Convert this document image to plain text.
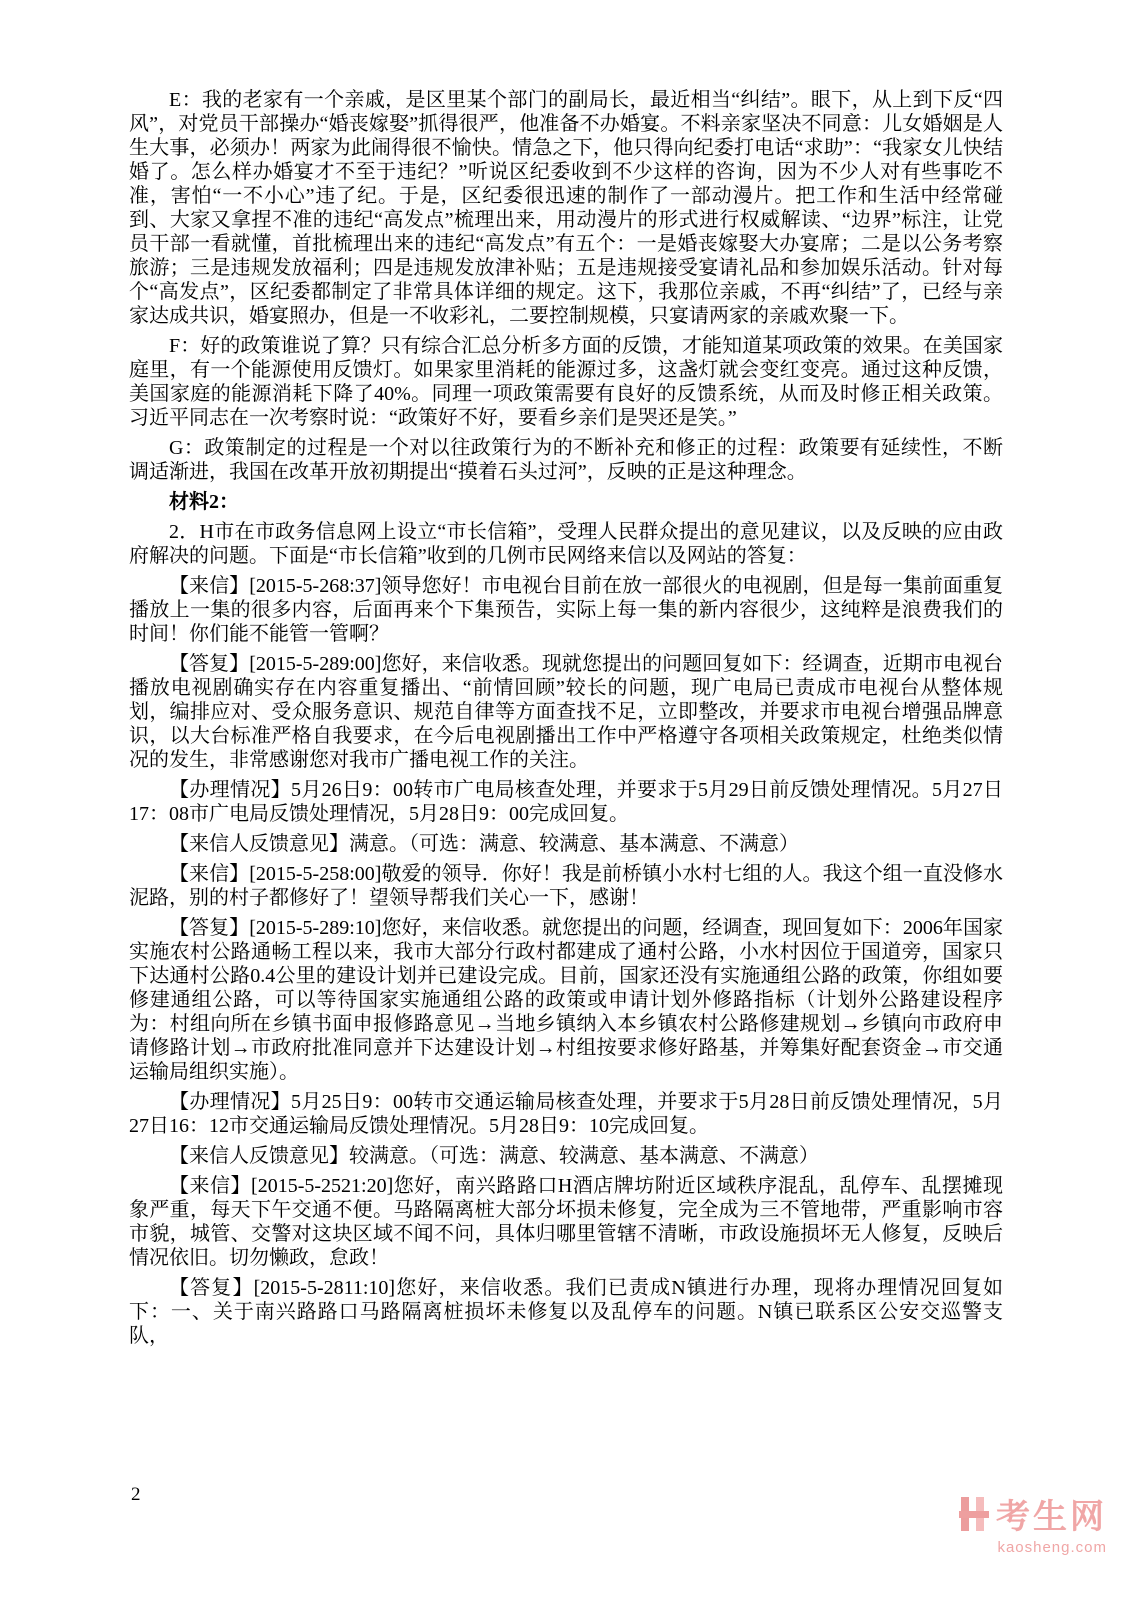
E：我的老家有一个亲戚，是区里某个部门的副局长，最近相当“纠结”。眼下，从上到下反“四风”，对党员干部操办“婚丧嫁娶”抓得很严，他准备不办婚宴。不料亲家坚决不同意：儿女婚姻是人生大事，必须办！两家为此闹得很不愉快。情急之下，他只得向纪委打电话“求助”：“我家女儿快结婚了。怎么样办婚宴才不至于违纪？”听说区纪委收到不少这样的咨询，因为不少人对有些事吃不准，害怕“一不小心”违了纪。于是，区纪委很迅速的制作了一部动漫片。把工作和生活中经常碰到、大家又拿捏不准的违纪“高发点”梳理出来，用动漫片的形式进行权威解读、“边界”标注，让党员干部一看就懂，首批梳理出来的违纪“高发点”有五个：一是婚丧嫁娶大办宴席；二是以公务考察旅游；三是违规发放福利；四是违规发放津补贴；五是违规接受宴请礼品和参加娱乐活动。针对每个“高发点”，区纪委都制定了非常具体详细的规定。这下，我那位亲戚，不再“纠结”了，已经与亲家达成共识，婚宴照办，但是一不收彩礼，二要控制规模，只宴请两家的亲戚欢聚一下。

F：好的政策谁说了算？只有综合汇总分析多方面的反馈，才能知道某项政策的效果。在美国家庭里，有一个能源使用反馈灯。如果家里消耗的能源过多，这盏灯就会变红变亮。通过这种反馈，美国家庭的能源消耗下降了40%。同理一项政策需要有良好的反馈系统，从而及时修正相关政策。习近平同志在一次考察时说：“政策好不好，要看乡亲们是哭还是笑。”

G：政策制定的过程是一个对以往政策行为的不断补充和修正的过程：政策要有延续性，不断调适渐进，我国在改革开放初期提出“摸着石头过河”，反映的正是这种理念。

材料2：

2．H市在市政务信息网上设立“市长信箱”，受理人民群众提出的意见建议，以及反映的应由政府解决的问题。下面是“市长信箱”收到的几例市民网络来信以及网站的答复：

【来信】[2015-5-268:37]领导您好！市电视台目前在放一部很火的电视剧，但是每一集前面重复播放上一集的很多内容，后面再来个下集预告，实际上每一集的新内容很少，这纯粹是浪费我们的时间！你们能不能管一管啊？

【答复】[2015-5-289:00]您好，来信收悉。现就您提出的问题回复如下：经调查，近期市电视台播放电视剧确实存在内容重复播出、“前情回顾”较长的问题，现广电局已责成市电视台从整体规划，编排应对、受众服务意识、规范自律等方面查找不足，立即整改，并要求市电视台增强品牌意识，以大台标准严格自我要求，在今后电视剧播出工作中严格遵守各项相关政策规定，杜绝类似情况的发生，非常感谢您对我市广播电视工作的关注。

【办理情况】5月26日9：00转市广电局核查处理，并要求于5月29日前反馈处理情况。5月27日17：08市广电局反馈处理情况，5月28日9：00完成回复。

【来信人反馈意见】满意。（可选：满意、较满意、基本满意、不满意）

【来信】[2015-5-258:00]敬爱的领导．你好！我是前桥镇小水村七组的人。我这个组一直没修水泥路，别的村子都修好了！望领导帮我们关心一下，感谢！

【答复】[2015-5-289:10]您好，来信收悉。就您提出的问题，经调查，现回复如下：2006年国家实施农村公路通畅工程以来，我市大部分行政村都建成了通村公路，小水村因位于国道旁，国家只下达通村公路0.4公里的建设计划并已建设完成。目前，国家还没有实施通组公路的政策，你组如要修建通组公路，可以等待国家实施通组公路的政策或申请计划外修路指标（计划外公路建设程序为：村组向所在乡镇书面申报修路意见→当地乡镇纳入本乡镇农村公路修建规划→乡镇向市政府申请修路计划→市政府批准同意并下达建设计划→村组按要求修好路基，并筹集好配套资金→市交通运输局组织实施）。

【办理情况】5月25日9：00转市交通运输局核查处理，并要求于5月28日前反馈处理情况，5月27日16：12市交通运输局反馈处理情况。5月28日9：10完成回复。

【来信人反馈意见】较满意。（可选：满意、较满意、基本满意、不满意）

【来信】[2015-5-2521:20]您好，南兴路路口H酒店牌坊附近区域秩序混乱，乱停车、乱摆摊现象严重，每天下午交通不便。马路隔离桩大部分坏损未修复，完全成为三不管地带，严重影响市容市貌，城管、交警对这块区域不闻不问，具体归哪里管辖不清晰，市政设施损坏无人修复，反映后情况依旧。切勿懒政，怠政！

【答复】[2015-5-2811:10]您好，来信收悉。我们已责成N镇进行办理，现将办理情况回复如下：一、关于南兴路路口马路隔离桩损坏未修复以及乱停车的问题。N镇已联系区公安交巡警支队，

2
考生网
kaosheng.com
